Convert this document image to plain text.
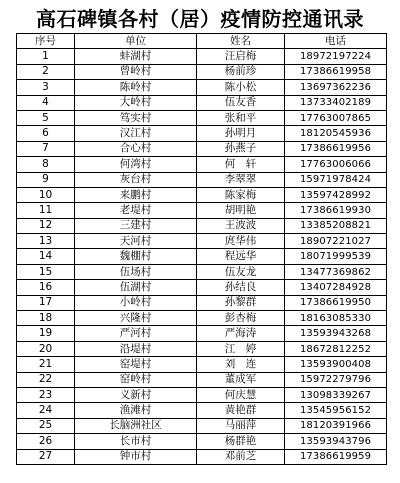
高石碑镇各村（居）疫情防控通讯录
序号	单位	姓名	电话
1	蚌湖村	汪启梅	18972197224
2	曾岭村	杨前珍	17386619958
3	陈岭村	陈小松	13697362236
4	大岭村	伍友香	13733402189
5	笃实村	张和平	17763007865
6	汉江村	孙明月	18120545936
7	合心村	孙燕子	17386619956
8	何湾村	何　轩	17763006066
9	灰台村	李翠翠	15971978424
10	来鹏村	陈家梅	13597428992
11	老堤村	胡明艳	17386619930
12	三建村	王波波	13385208821
13	天河村	庹华伟	18907221027
14	魏棚村	程远华	18071999539
15	伍场村	伍友龙	13477369862
16	伍湖村	孙结良	13407284928
17	小岭村	孙黎群	17386619950
18	兴隆村	彭杏梅	18163085330
19	严河村	严海涛	13593943268
20	沿堤村	江　婷	18672812252
21	窑堤村	刘　连	13593900408
22	窑岭村	董成军	15972279796
23	义新村	何庆慧	13098339267
24	渔滩村	黄艳群	13545956152
25	长脑洲社区	马丽萍	18120391966
26	长市村	杨群艳	13593943796
27	钟市村	邓前芝	17386619959
